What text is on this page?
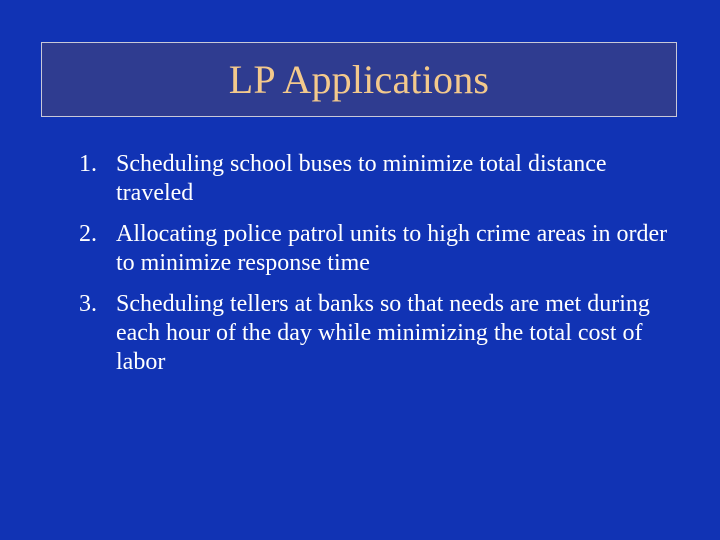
LP Applications
1. Scheduling school buses to minimize total distance traveled
2. Allocating police patrol units to high crime areas in order to minimize response time
3. Scheduling tellers at banks so that needs are met during each hour of the day while minimizing the total cost of labor
